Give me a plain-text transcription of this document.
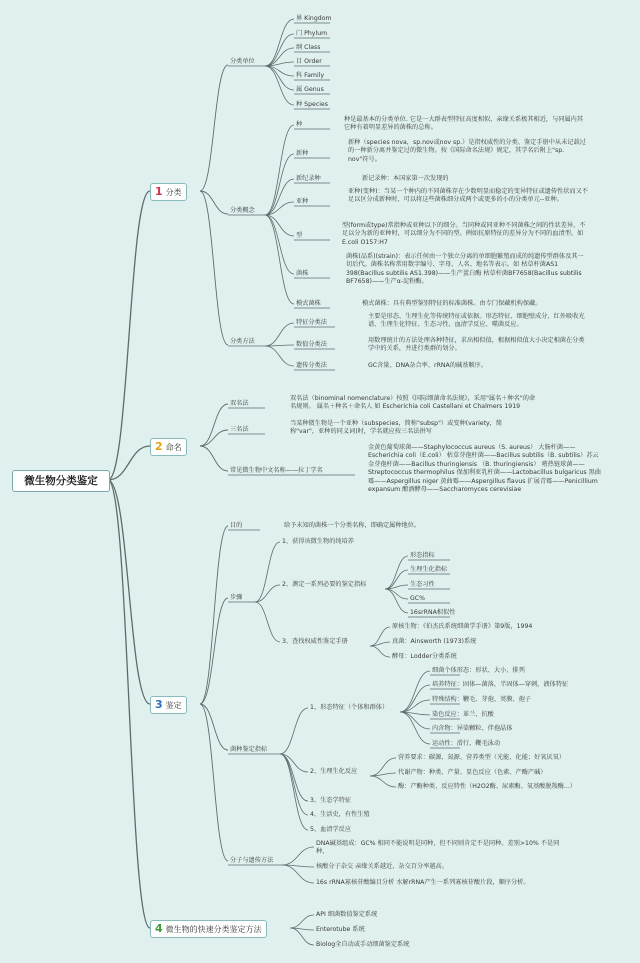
微生物分类鉴定
1 分类
2 命名
3 鉴定
4 微生物的快速分类鉴定方法
分类单位
界 Kingdom
门 Phylum
纲 Class
目 Order
科 Family
属 Genus
种 Species
分类概念
种
种是最基本的分类单位. 它是一大群表型特征高度相似，亲缘关系极其相近，与同属内其它种有着明显差异的菌株的总称。
新种
新种（species nova，sp.nov或nov sp.）是指权威性的分类、鉴定手册中从未记载过的一种新分离并鉴定过的微生物。按《国际命名法规》规定，其学名后附上"sp. nov"符号。
新纪录种	新记录种：本国家第一次发现的
亚种
亚种(变种)：当某一个种内的不同菌株存在少数明显而稳定的变异特征或遗传性状而又不足以区分成新种时，可以将这些菌株细分成两个或更多的小的分类单元--亚种。
型
型(form或type)常指种或亚种以下的细分。当同种或同亚种不同菌株之间的性状差异，不足以分为新的亚种时，可以细分为不同的型。例如抗原特征的差异分为不同的血清型。如E.coli O157:H7
菌株
菌株(品系)(strain)：表示任何由一个独立分离的单细胞繁殖而成的纯遗传型群体及其一切后代。菌株名称常用数字编号、字母、人名、地名等表示。如 枯草杆菌AS1 398(Bacillus subtilis AS1.398)——生产蛋白酶 枯草杆菌BF7658(Bacillus subtilis BF7658)——生产α-淀粉酶。
模式菌株	模式菌株：具有典型鉴别特征的标准菌株。由专门保藏机构保藏。
分类方法
特征分类法
主要是形态、生理生化等传统特征或依据。形态特征、细胞壁成分、红外吸收光谱、生理生化特征、生态习性、血清学反应、噬菌反应。
数值分类法
用数理统计的方法处理各种特征，求出相似值，根据相似值大小决定相菌在分类学中的关系，并进行类群的划分。
遗传分类法	GC含量、DNA杂合率、rRNA的碱基顺序。
双名法
双名法（binominal nomenclature）按照《国际细菌命名法规》，采用"属名＋种名"的命名规则。 属名＋种名＋命名人 如 Escherichia coli Castellani et Chalmers 1919
三名法
当某种微生物是一个亚种（subspecies，简称"subsp"）或变种(variety，简称"var"，亚种的同义词)时，学名就应按三名法拼写
常见微生物中文名称——拉丁学名
金黄色葡萄球菌——Staphylococcus aureus（S. aureus） 大肠杆菌——Escherichia coli（E.coli） 枯草芽孢杆菌——Bacillus subtilis（B. subtilis）苏云金芽孢杆菌——Bacillus thuringiensis （B. thuringiensis） 嗜热链球菌——Streptococcus thermophilus 保加利亚乳杆菌——Lactobacillus bulgaricus 黑曲霉——Aspergillus niger 黄曲霉——Aspergillus flavus 扩展青霉——Penicillium expansum 酿酒酵母——Saccharomyces cerevisiae
目的	给予未知的菌株一个分类名称，即确定属种地位。
步骤
1、获得该微生物的纯培养
2、测定一系列必要的鉴定指标
形态指标
生理生化指标
生态习性
GC%
16srRNA相似性
3、查找权威性鉴定手册
原核生物：《伯杰氏系统细菌学手册》第9版，1994
真菌：Ainsworth (1973)系统
酵母：Lodder分类系统
菌种鉴定指标
1、形态特征（个体和群体）
细菌个体形态：形状、大小、排列
培养特征：固体—菌落，半固体—穿刺，液体特征
特殊结构：鞭毛、芽孢、荚膜、孢子
染色反应：革兰、抗酸
内含物：异染颗粒、伴孢晶体
运动性：滑行、鞭毛泳动
2、生理生化反应
营养要求：碳源、氮源、营养类型（光能、化能；好氧厌氧）
代谢产物：种类、产量、显色反应（色素、产酶产碱）
酶：产酶种类、反应特性（H2O2酶、尿素酶、氧基酸脱羧酶...）
3、生态学特征
4、生活史，有性生殖
5、血清学反应
分子与遗传方法
DNA碱基组成：GC% 相同不能说明是同种，但不同则肯定不是同种。差别>10% 不是同种，
核酸分子杂交 亲缘关系越近，杂交百分率越高。
16s rRNA寡核苷酸编目分析 水解rRNA产生一系列寡核苷酸片段，顺序分析。
API 细菌数值鉴定系统
Enterotube 系统
Biolog全自动或手动细菌鉴定系统
